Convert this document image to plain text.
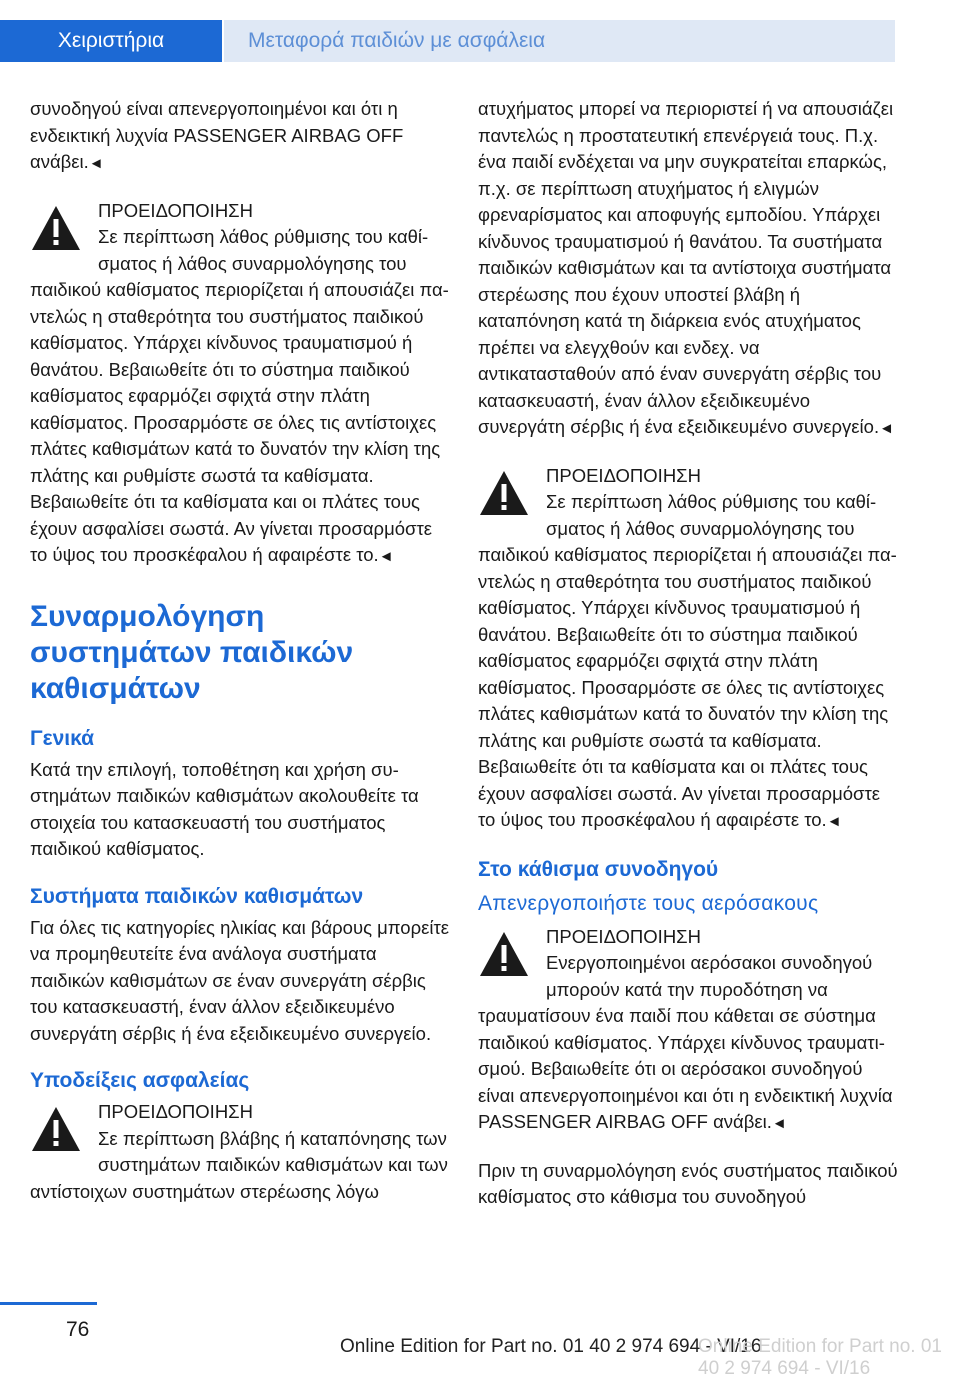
Χειριστήρια	Μεταφορά παιδιών με ασφάλεια

συνοδηγού είναι απενεργοποιημένοι και ότι η ενδεικτική λυχνία PASSENGER AIRBAG OFF ανάβει.◄

ΠΡΟΕΙΔΟΠΟΙΗΣΗ
Σε περίπτωση λάθος ρύθμισης του καθίσματος ή λάθος συναρμολόγησης του παιδικού καθίσματος περιορίζεται ή απουσιάζει παντελώς η σταθερότητα του συστήματος παιδικού καθίσματος. Υπάρχει κίνδυνος τραυματισμού ή θανάτου. Βεβαιωθείτε ότι το σύστημα παιδικού καθίσματος εφαρμόζει σφιχτά στην πλάτη καθίσματος. Προσαρμόστε σε όλες τις αντίστοιχες πλάτες καθισμάτων κατά το δυνατόν την κλίση της πλάτης και ρυθμίστε σωστά τα καθίσματα. Βεβαιωθείτε ότι τα καθίσματα και οι πλάτες τους έχουν ασφαλίσει σωστά. Αν γίνεται προσαρμόστε το ύψος του προσκέφαλου ή αφαιρέστε το.◄
Συναρμολόγηση συστημάτων παιδικών καθισμάτων
Γενικά

Κατά την επιλογή, τοποθέτηση και χρήση συστημάτων παιδικών καθισμάτων ακολουθείτε τα στοιχεία του κατασκευαστή του συστήματος παιδικού καθίσματος.

Συστήματα παιδικών καθισμάτων

Για όλες τις κατηγορίες ηλικίας και βάρους μπορείτε να προμηθευτείτε ένα ανάλογα συστήματα παιδικών καθισμάτων σε έναν συνεργάτη σέρβις του κατασκευαστή, έναν άλλον εξειδικευμένο συνεργάτη σέρβις ή ένα εξειδικευμένο συνεργείο.

Υποδείξεις ασφαλείας
ΠΡΟΕΙΔΟΠΟΙΗΣΗ
Σε περίπτωση βλάβης ή καταπόνησης των συστημάτων παιδικών καθισμάτων και των αντίστοιχων συστημάτων στερέωσης λόγω

ατυχήματος μπορεί να περιοριστεί ή να απουσιάζει παντελώς η προστατευτική επενέργειά τους. Π.χ. ένα παιδί ενδέχεται να μην συγκρατείται επαρκώς, π.χ. σε περίπτωση ατυχήματος ή ελιγμών φρεναρίσματος και αποφυγής εμποδίου. Υπάρχει κίνδυνος τραυματισμού ή θανάτου. Τα συστήματα παιδικών καθισμάτων και τα αντίστοιχα συστήματα στερέωσης που έχουν υποστεί βλάβη ή καταπόνηση κατά τη διάρκεια ενός ατυχήματος πρέπει να ελεγχθούν και ενδεχ. να αντικατασταθούν από έναν συνεργάτη σέρβις του κατασκευαστή, έναν άλλον εξειδικευμένο συνεργάτη σέρβις ή ένα εξειδικευμένο συνεργείο.◄

ΠΡΟΕΙΔΟΠΟΙΗΣΗ
Σε περίπτωση λάθος ρύθμισης του καθίσματος ή λάθος συναρμολόγησης του παιδικού καθίσματος περιορίζεται ή απουσιάζει παντελώς η σταθερότητα του συστήματος παιδικού καθίσματος. Υπάρχει κίνδυνος τραυματισμού ή θανάτου. Βεβαιωθείτε ότι το σύστημα παιδικού καθίσματος εφαρμόζει σφιχτά στην πλάτη καθίσματος. Προσαρμόστε σε όλες τις αντίστοιχες πλάτες καθισμάτων κατά το δυνατόν την κλίση της πλάτης και ρυθμίστε σωστά τα καθίσματα. Βεβαιωθείτε ότι τα καθίσματα και οι πλάτες τους έχουν ασφαλίσει σωστά. Αν γίνεται προσαρμόστε το ύψος του προσκέφαλου ή αφαιρέστε το.◄
Στο κάθισμα συνοδηγού
Απενεργοποιήστε τους αερόσακους
ΠΡΟΕΙΔΟΠΟΙΗΣΗ
Ενεργοποιημένοι αερόσακοι συνοδηγού μπορούν κατά την πυροδότηση να τραυματίσουν ένα παιδί που κάθεται σε σύστημα παιδικού καθίσματος. Υπάρχει κίνδυνος τραυματισμού. Βεβαιωθείτε ότι οι αερόσακοι συνοδηγού είναι απενεργοποιημένοι και ότι η ενδεικτική λυχνία PASSENGER AIRBAG OFF ανάβει.◄

Πριν τη συναρμολόγηση ενός συστήματος παιδικού καθίσματος στο κάθισμα του συνοδηγού

76
Online Edition for Part no. 01 40 2 974 694 - VI/16
Online Edition for Part no. 01 40 2 974 694 - VI/16
